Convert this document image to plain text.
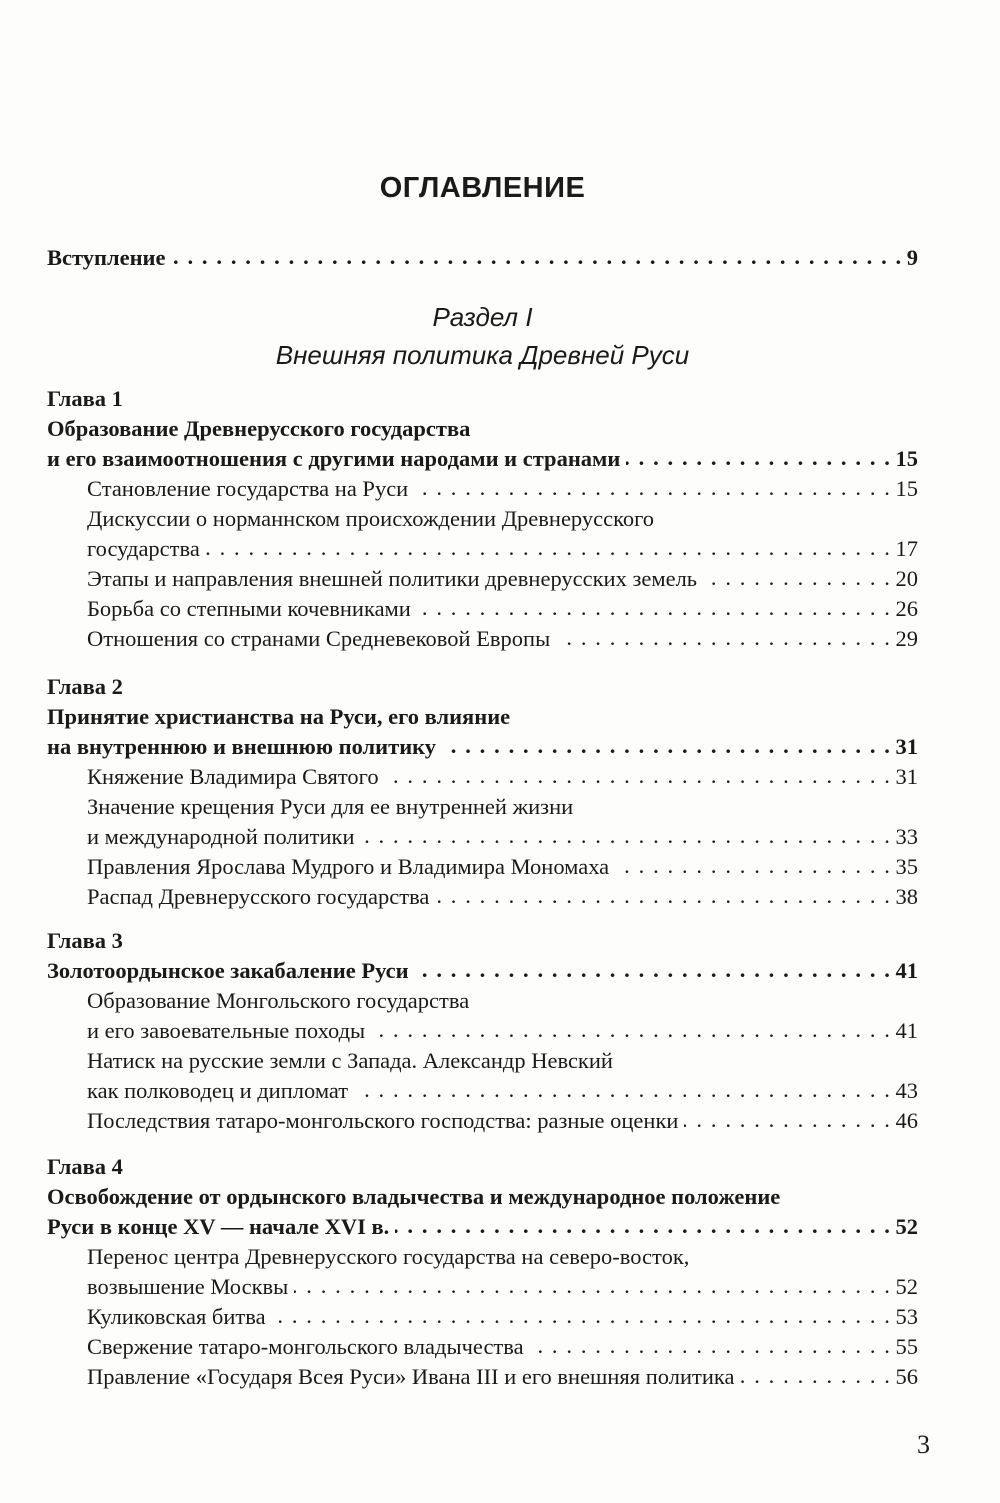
ОГЛАВЛЕНИЕ
Вступление . . .	9
Раздел I
Внешняя политика Древней Руси
Глава 1
Образование Древнерусского государства
и его взаимоотношения с другими народами и странами . . .	15
Становление государства на Руси . . .	15
Дискуссии о норманнском происхождении Древнерусского
государства . . .	17
Этапы и направления внешней политики древнерусских земель . . .	20
Борьба со степными кочевниками . . .	26
Отношения со странами Средневековой Европы . . .	29
Глава 2
Принятие христианства на Руси, его влияние
на внутреннюю и внешнюю политику . . .	31
Княжение Владимира Святого . . .	31
Значение крещения Руси для ее внутренней жизни
и международной политики . . .	33
Правления Ярослава Мудрого и Владимира Мономаха . . .	35
Распад Древнерусского государства . . .	38
Глава 3
Золотоордынское закабаление Руси . . .	41
Образование Монгольского государства
и его завоевательные походы . . .	41
Натиск на русские земли с Запада. Александр Невский
как полководец и дипломат . . .	43
Последствия татаро-монгольского господства: разные оценки . . .	46
Глава 4
Освобождение от ордынского владычества и международное положение
Руси в конце XV — начале XVI в. . . .	52
Перенос центра Древнерусского государства на северо-восток,
возвышение Москвы . . .	52
Куликовская битва . . .	53
Свержение татаро-монгольского владычества . . .	55
Правление «Государя Всея Руси» Ивана III и его внешняя политика . . .	56
3
